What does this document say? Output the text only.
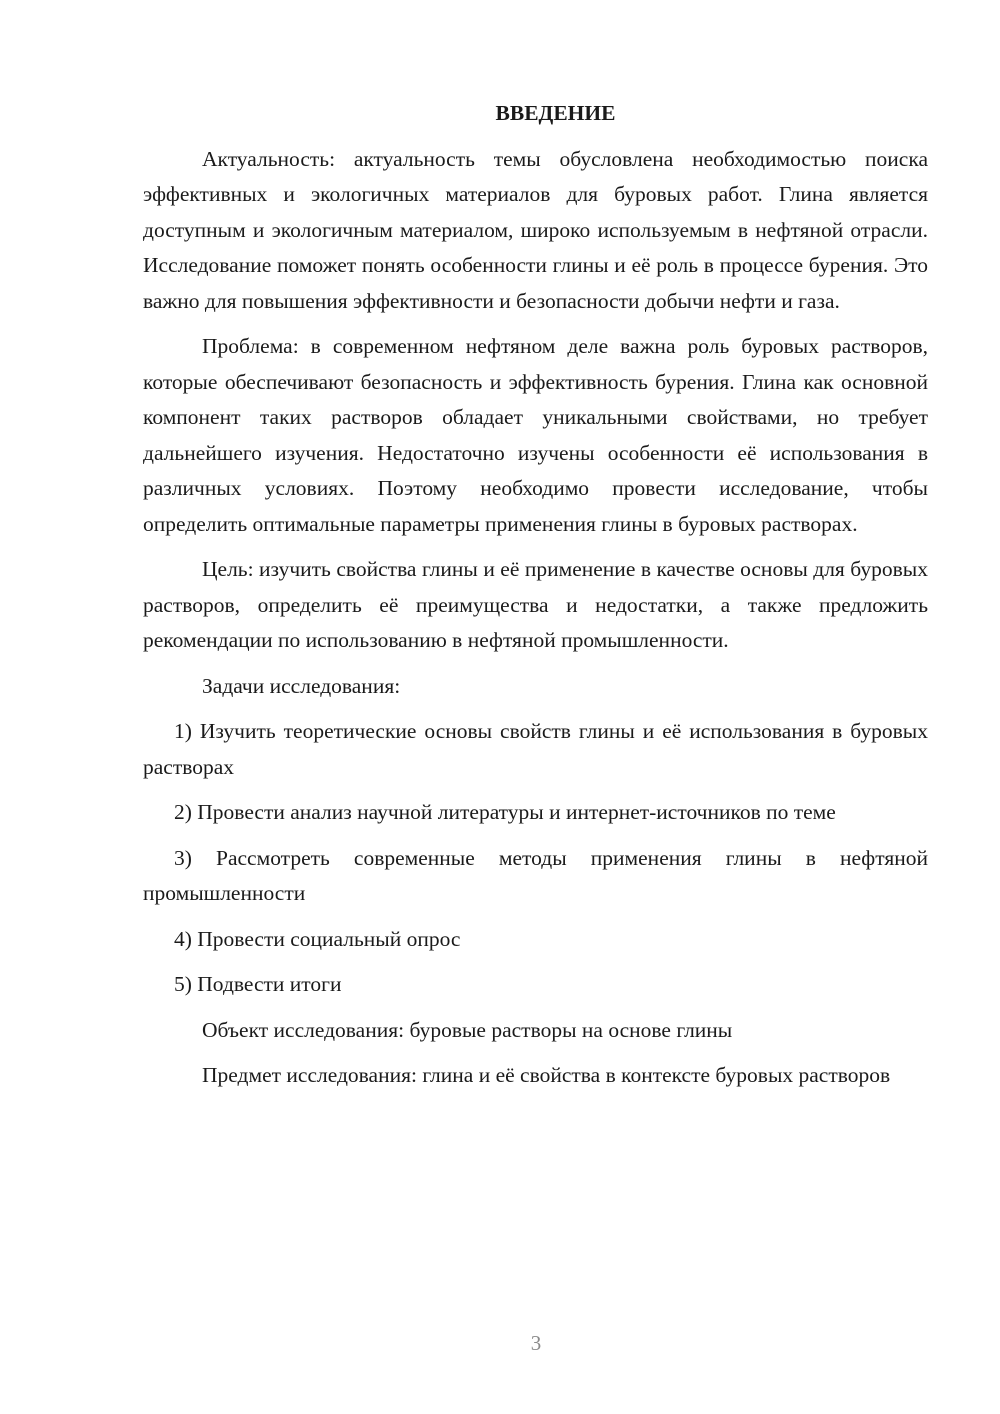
ВВЕДЕНИЕ

Актуальность: актуальность темы обусловлена необходимостью поиска эффективных и экологичных материалов для буровых работ. Глина является доступным и экологичным материалом, широко используемым в нефтяной отрасли. Исследование поможет понять особенности глины и её роль в процессе бурения. Это важно для повышения эффективности и безопасности добычи нефти и газа.

Проблема: в современном нефтяном деле важна роль буровых растворов, которые обеспечивают безопасность и эффективность бурения. Глина как основной компонент таких растворов обладает уникальными свойствами, но требует дальнейшего изучения. Недостаточно изучены особенности её использования в различных условиях. Поэтому необходимо провести исследование, чтобы определить оптимальные параметры применения глины в буровых растворах.

Цель: изучить свойства глины и её применение в качестве основы для буровых растворов, определить её преимущества и недостатки, а также предложить рекомендации по использованию в нефтяной промышленности.

Задачи исследования:

1) Изучить теоретические основы свойств глины и её использования в буровых растворах

2) Провести анализ научной литературы и интернет-источников по теме

3) Рассмотреть современные методы применения глины в нефтяной промышленности

4) Провести социальный опрос

5) Подвести итоги

Объект исследования: буровые растворы на основе глины

Предмет исследования: глина и её свойства в контексте буровых растворов

3
